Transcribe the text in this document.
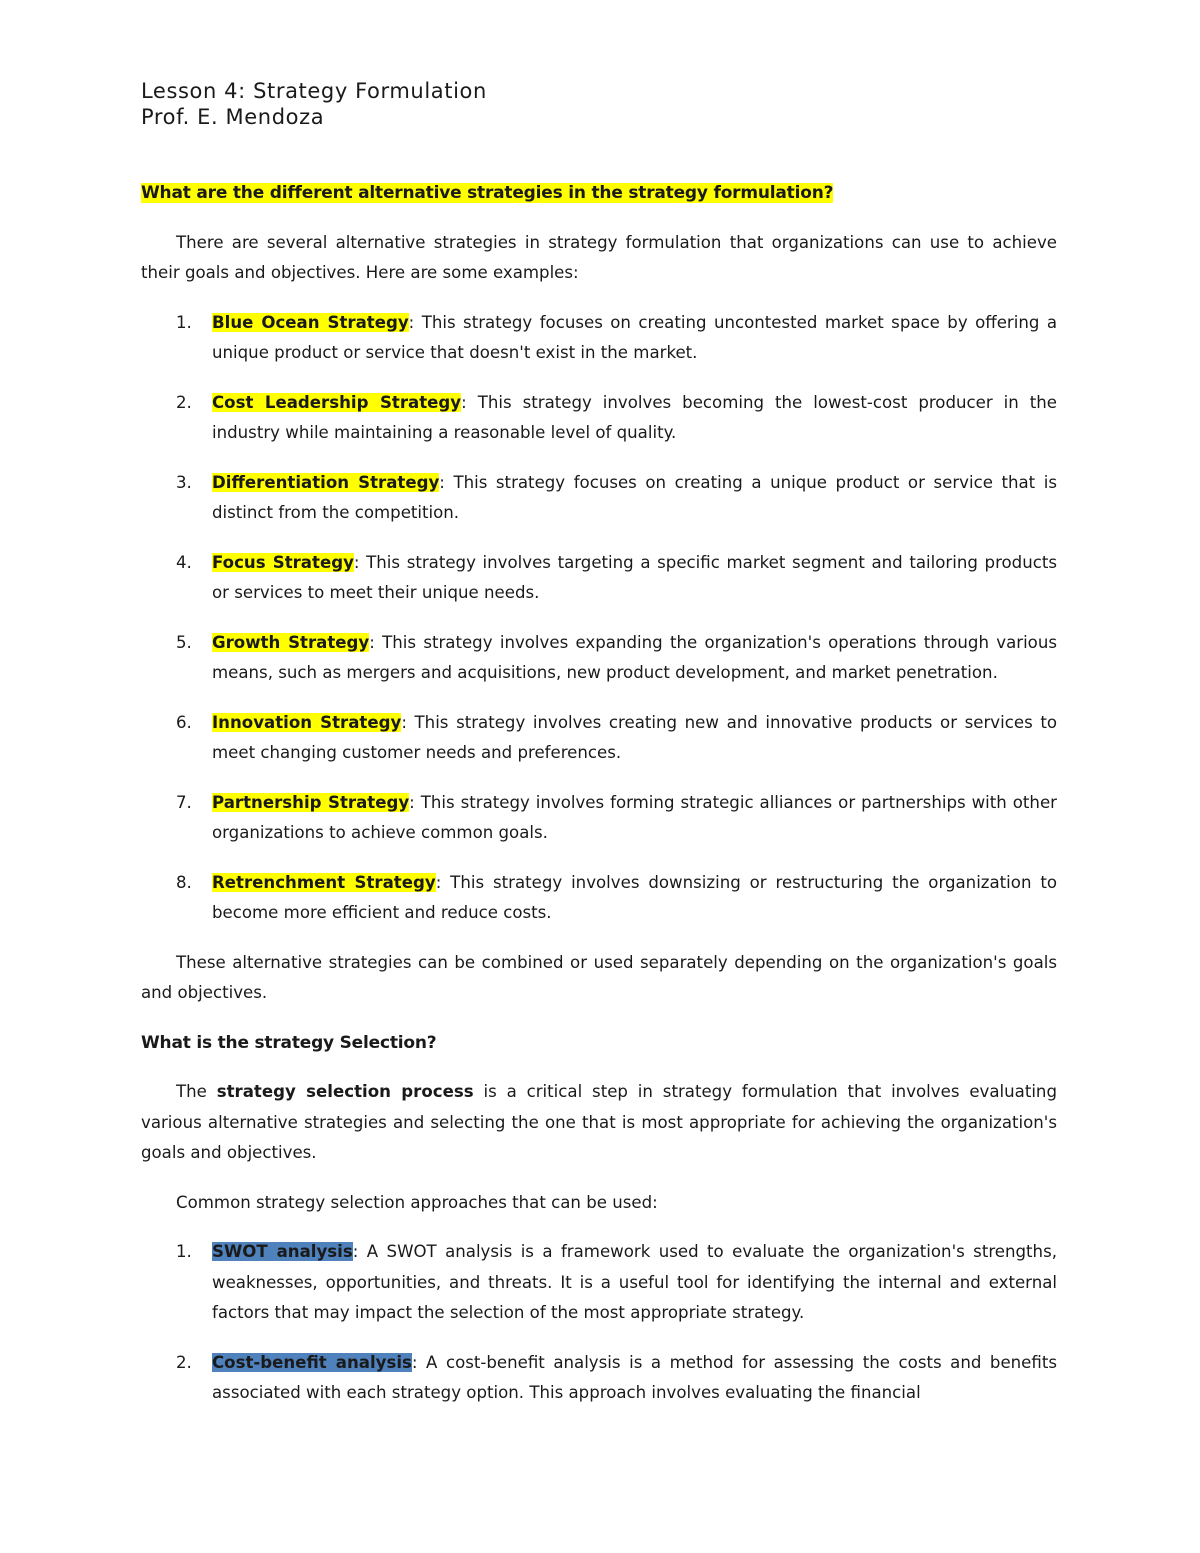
Lesson 4: Strategy Formulation
Prof. E. Mendoza

What are the different alternative strategies in the strategy formulation?

There are several alternative strategies in strategy formulation that organizations can use to achieve their goals and objectives. Here are some examples:

1. Blue Ocean Strategy: This strategy focuses on creating uncontested market space by offering a unique product or service that doesn't exist in the market.
2. Cost Leadership Strategy: This strategy involves becoming the lowest-cost producer in the industry while maintaining a reasonable level of quality.
3. Differentiation Strategy: This strategy focuses on creating a unique product or service that is distinct from the competition.
4. Focus Strategy: This strategy involves targeting a specific market segment and tailoring products or services to meet their unique needs.
5. Growth Strategy: This strategy involves expanding the organization's operations through various means, such as mergers and acquisitions, new product development, and market penetration.
6. Innovation Strategy: This strategy involves creating new and innovative products or services to meet changing customer needs and preferences.
7. Partnership Strategy: This strategy involves forming strategic alliances or partnerships with other organizations to achieve common goals.
8. Retrenchment Strategy: This strategy involves downsizing or restructuring the organization to become more efficient and reduce costs.

These alternative strategies can be combined or used separately depending on the organization's goals and objectives.

What is the strategy Selection?

The strategy selection process is a critical step in strategy formulation that involves evaluating various alternative strategies and selecting the one that is most appropriate for achieving the organization's goals and objectives.

Common strategy selection approaches that can be used:

1. SWOT analysis: A SWOT analysis is a framework used to evaluate the organization's strengths, weaknesses, opportunities, and threats. It is a useful tool for identifying the internal and external factors that may impact the selection of the most appropriate strategy.
2. Cost-benefit analysis: A cost-benefit analysis is a method for assessing the costs and benefits associated with each strategy option. This approach involves evaluating the financial
